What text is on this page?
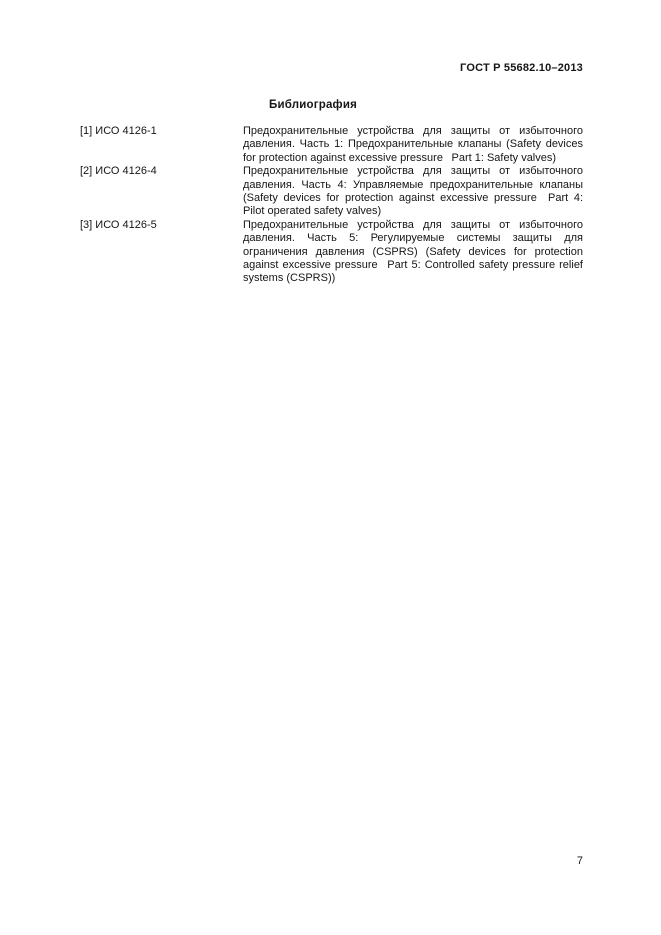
ГОСТ Р 55682.10–2013
Библиография
[1] ИСО 4126-1	Предохранительные устройства для защиты от избыточного давления. Часть 1: Предохранительные клапаны (Safety devices for protection against excessive pressure  Part 1: Safety valves)
[2] ИСО 4126-4	Предохранительные устройства для защиты от избыточного давления. Часть 4: Управляемые предохранительные клапаны (Safety devices for protection against excessive pressure  Part 4: Pilot operated safety valves)
[3] ИСО 4126-5	Предохранительные устройства для защиты от избыточного давления. Часть 5: Регулируемые системы защиты для ограничения давления (CSPRS) (Safety devices for protection against excessive pressure  Part 5: Controlled safety pressure relief systems (CSPRS))
7
